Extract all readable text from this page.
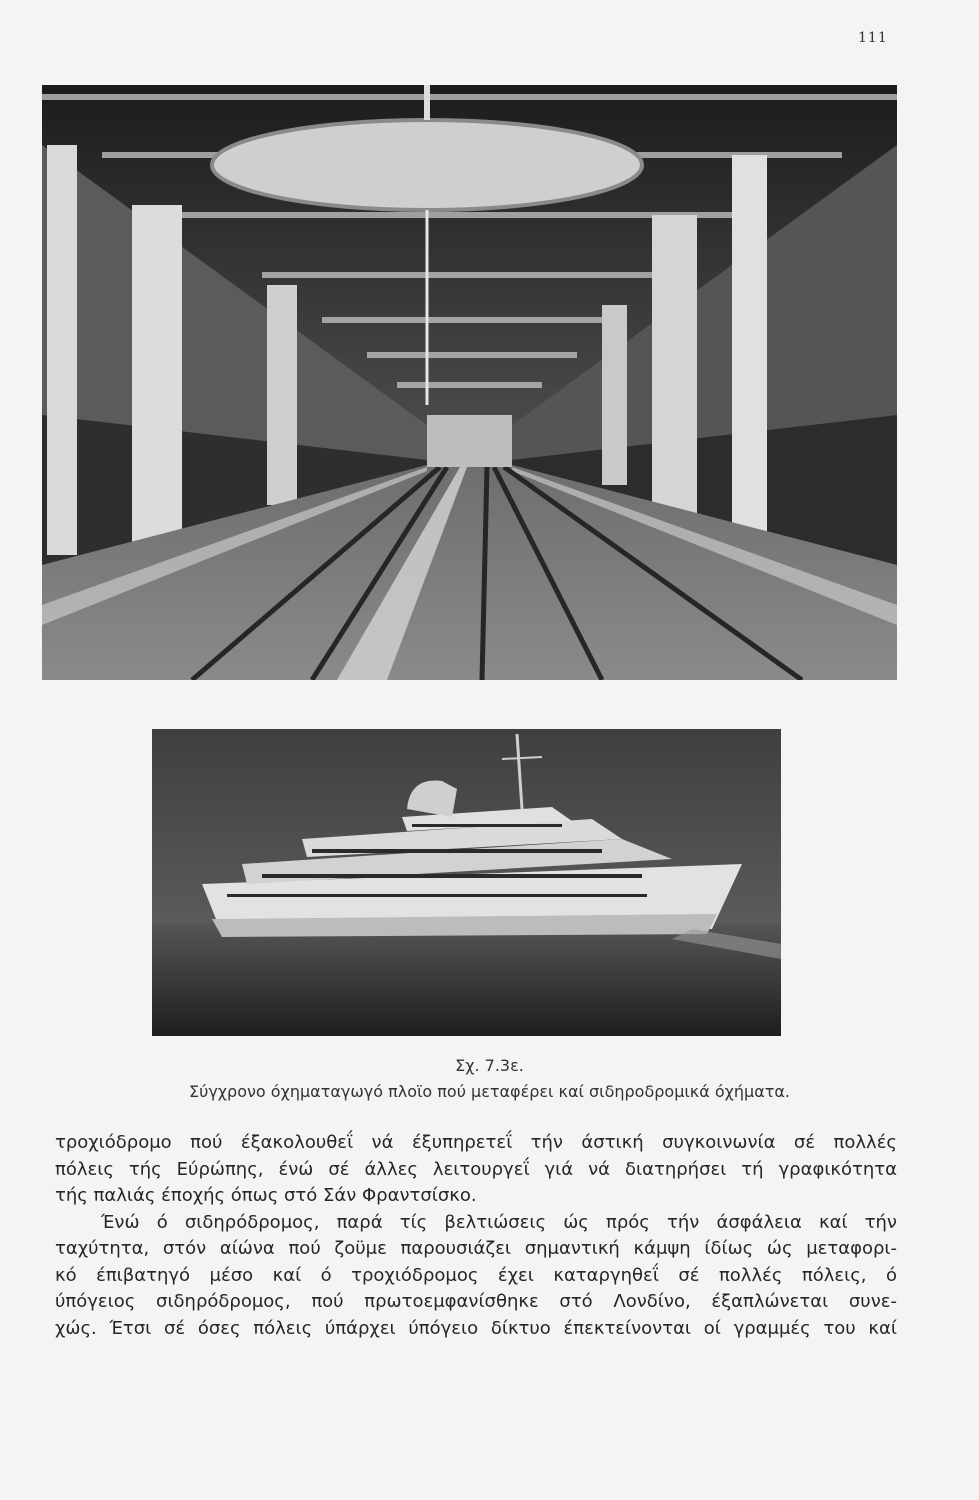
111
Σχ. 7.3ε.
Σύγχρονο όχηματαγωγό πλοϊο πού μεταφέρει καί σιδηροδρομικά όχήματα.
τροχιόδρομο πού έξακολουθεΐ νά έξυπηρετεΐ τήν άστική συγκοινωνία σέ πολλές
πόλεις τής Εύρώπης, ένώ σέ άλλες λειτουργεΐ γιά νά διατηρήσει τή γραφικότητα
τής παλιάς έποχής όπως στό Σάν Φραντσίσκο.
Ένώ ό σιδηρόδρομος, παρά τίς βελτιώσεις ώς πρός τήν άσφάλεια καί τήν
ταχύτητα, στόν αίώνα πού ζοϋμε παρουσιάζει σημαντική κάμψη ίδίως ώς μεταφορι-
κό έπιβατηγό μέσο καί ό τροχιόδρομος έχει καταργηθεΐ σέ πολλές πόλεις, ό
ύπόγειος σιδηρόδρομος, πού πρωτοεμφανίσθηκε στό Λονδίνο, έξαπλώνεται συνε-
χώς. Έτσι σέ όσες πόλεις ύπάρχει ύπόγειο δίκτυο έπεκτείνονται οί γραμμές του καί
